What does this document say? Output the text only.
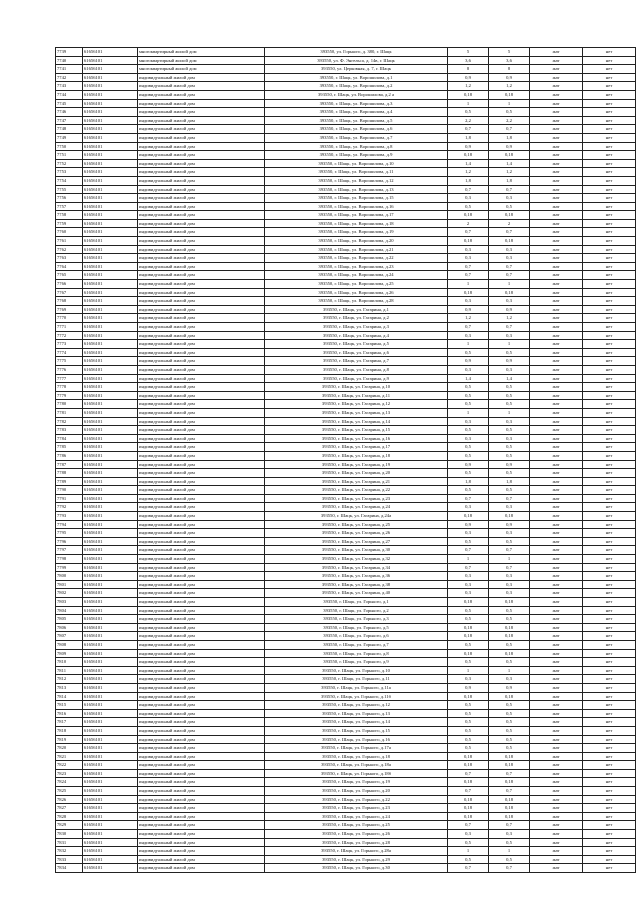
7739	61656101	многоквартирный жилой дом	393550, ул. Горького, д. 380, г. Шацк	5	5	жат	нет
7740	61656101	многоквартирный жилой дом	393550, ул. Ф. Энгельса, д. 14в, г. Шацк	3,6	3,6	жат	нет
7741	61656101	многоквартирный жилой дом	393550, ул. Церковная, д. 7, г. Шацк	8	8	жат	нет
7742	61656101	индивидуальный жилой дом	393550, г. Шацк, ул. Ворошилова, д.1	0,9	0,9	жат	нет
7743	61656101	индивидуальный жилой дом	393550, г. Шацк, ул. Ворошилова, д.2	1,2	1,2	жат	нет
7744	61656101	индивидуальный жилой дом	393550, г. Шацк, ул. Ворошилова, д.2 а	0,18	0,18	жат	нет
7745	61656101	индивидуальный жилой дом	393550, г. Шацк, ул. Ворошилова, д.3	1	1	жат	нет
7746	61656101	индивидуальный жилой дом	393550, г. Шацк, ул. Ворошилова, д.4	0,5	0,5	жат	нет
7747	61656101	индивидуальный жилой дом	393550, г. Шацк, ул. Ворошилова, д.5	2,2	2,2	жат	нет
7748	61656101	индивидуальный жилой дом	393550, г. Шацк, ул. Ворошилова, д.6	0,7	0,7	жат	нет
7749	61656101	индивидуальный жилой дом	393550, г. Шацк, ул. Ворошилова, д.7	1,8	1,8	жат	нет
7750	61656101	индивидуальный жилой дом	393550, г. Шацк, ул. Ворошилова, д.8	0,9	0,9	жат	нет
7751	61656101	индивидуальный жилой дом	393550, г. Шацк, ул. Ворошилова, д.9	0,18	0,18	жат	нет
7752	61656101	индивидуальный жилой дом	393550, г. Шацк, ул. Ворошилова, д.10	1,4	1,4	жат	нет
7753	61656101	индивидуальный жилой дом	393550, г. Шацк, ул. Ворошилова, д.11	1,2	1,2	жат	нет
7754	61656101	индивидуальный жилой дом	393550, г. Шацк, ул. Ворошилова, д.12	1,8	1,8	жат	нет
7755	61656101	индивидуальный жилой дом	393550, г. Шацк, ул. Ворошилова, д.13	0,7	0,7	жат	нет
7756	61656101	индивидуальный жилой дом	393550, г. Шацк, ул. Ворошилова, д.15	0,3	0,3	жат	нет
7757	61656101	индивидуальный жилой дом	393550, г. Шацк, ул. Ворошилова, д.16	0,5	0,5	жат	нет
7758	61656101	индивидуальный жилой дом	393550, г. Шацк, ул. Ворошилова, д.17	0,18	0,18	жат	нет
7759	61656101	индивидуальный жилой дом	393550, г. Шацк, ул. Ворошилова, д.18	2	2	жат	нет
7760	61656101	индивидуальный жилой дом	393550, г. Шацк, ул. Ворошилова, д.19	0,7	0,7	жат	нет
7761	61656101	индивидуальный жилой дом	393550, г. Шацк, ул. Ворошилова, д.20	0,18	0,18	жат	нет
7762	61656101	индивидуальный жилой дом	393550, г. Шацк, ул. Ворошилова, д.21	0,3	0,3	жат	нет
7763	61656101	индивидуальный жилой дом	393550, г. Шацк, ул. Ворошилова, д.22	0,3	0,3	жат	нет
7764	61656101	индивидуальный жилой дом	393550, г. Шацк, ул. Ворошилова, д.23	0,7	0,7	жат	нет
7765	61656101	индивидуальный жилой дом	393550, г. Шацк, ул. Ворошилова, д.24	0,7	0,7	жат	нет
7766	61656101	индивидуальный жилой дом	393550, г. Шацк, ул. Ворошилова, д.25	1	1	жат	нет
7767	61656101	индивидуальный жилой дом	393550, г. Шацк, ул. Ворошилова, д.26	0,18	0,18	жат	нет
7768	61656101	индивидуальный жилой дом	393550, г. Шацк, ул. Ворошилова, д.28	0,3	0,3	жат	нет
7769	61656101	индивидуальный жилой дом	393550, г. Шацк, ул. Гагарина, д.1	0,9	0,9	жат	нет
7770	61656101	индивидуальный жилой дом	393550, г. Шацк, ул. Гагарина, д.2	1,2	1,2	жат	нет
7771	61656101	индивидуальный жилой дом	393550, г. Шацк, ул. Гагарина, д.3	0,7	0,7	жат	нет
7772	61656101	индивидуальный жилой дом	393550, г. Шацк, ул. Гагарина, д.4	0,3	0,3	жат	нет
7773	61656101	индивидуальный жилой дом	393550, г. Шацк, ул. Гагарина, д.5	1	1	жат	нет
7774	61656101	индивидуальный жилой дом	393550, г. Шацк, ул. Гагарина, д.6	0,5	0,5	жат	нет
7775	61656101	индивидуальный жилой дом	393550, г. Шацк, ул. Гагарина, д.7	0,9	0,9	жат	нет
7776	61656101	индивидуальный жилой дом	393550, г. Шацк, ул. Гагарина, д.8	0,3	0,3	жат	нет
7777	61656101	индивидуальный жилой дом	393550, г. Шацк, ул. Гагарина, д.9	1,4	1,4	жат	нет
7778	61656101	индивидуальный жилой дом	393550, г. Шацк, ул. Гагарина, д.10	0,5	0,5	жат	нет
7779	61656101	индивидуальный жилой дом	393550, г. Шацк, ул. Гагарина, д.11	0,5	0,5	жат	нет
7780	61656101	индивидуальный жилой дом	393550, г. Шацк, ул. Гагарина, д.12	0,5	0,5	жат	нет
7781	61656101	индивидуальный жилой дом	393550, г. Шацк, ул. Гагарина, д.13	1	1	жат	нет
7782	61656101	индивидуальный жилой дом	393550, г. Шацк, ул. Гагарина, д.14	0,3	0,3	жат	нет
7783	61656101	индивидуальный жилой дом	393550, г. Шацк, ул. Гагарина, д.15	0,5	0,5	жат	нет
7784	61656101	индивидуальный жилой дом	393550, г. Шацк, ул. Гагарина, д.16	0,3	0,3	жат	нет
7785	61656101	индивидуальный жилой дом	393550, г. Шацк, ул. Гагарина, д.17	0,5	0,5	жат	нет
7786	61656101	индивидуальный жилой дом	393550, г. Шацк, ул. Гагарина, д.18	0,5	0,5	жат	нет
7787	61656101	индивидуальный жилой дом	393550, г. Шацк, ул. Гагарина, д.19	0,9	0,9	жат	нет
7788	61656101	индивидуальный жилой дом	393550, г. Шацк, ул. Гагарина, д.20	0,5	0,5	жат	нет
7789	61656101	индивидуальный жилой дом	393550, г. Шацк, ул. Гагарина, д.21	1,8	1,8	жат	нет
7790	61656101	индивидуальный жилой дом	393550, г. Шацк, ул. Гагарина, д.22	0,5	0,5	жат	нет
7791	61656101	индивидуальный жилой дом	393550, г. Шацк, ул. Гагарина, д.23	0,7	0,7	жат	нет
7792	61656101	индивидуальный жилой дом	393550, г. Шацк, ул. Гагарина, д.24	0,3	0,3	жат	нет
7793	61656101	индивидуальный жилой дом	393550, г. Шацк, ул. Гагарина, д.24а	0,18	0,18	жат	нет
7794	61656101	индивидуальный жилой дом	393550, г. Шацк, ул. Гагарина, д.25	0,9	0,9	жат	нет
7795	61656101	индивидуальный жилой дом	393550, г. Шацк, ул. Гагарина, д.26	0,3	0,3	жат	нет
7796	61656101	индивидуальный жилой дом	393550, г. Шацк, ул. Гагарина, д.27	0,5	0,5	жат	нет
7797	61656101	индивидуальный жилой дом	393550, г. Шацк, ул. Гагарина, д.30	0,7	0,7	жат	нет
7798	61656101	индивидуальный жилой дом	393550, г. Шацк, ул. Гагарина, д.32	1	1	жат	нет
7799	61656101	индивидуальный жилой дом	393550, г. Шацк, ул. Гагарина, д.34	0,7	0,7	жат	нет
7800	61656101	индивидуальный жилой дом	393550, г. Шацк, ул. Гагарина, д.36	0,3	0,3	жат	нет
7801	61656101	индивидуальный жилой дом	393550, г. Шацк, ул. Гагарина, д.38	0,3	0,3	жат	нет
7802	61656101	индивидуальный жилой дом	393550, г. Шацк, ул. Гагарина, д.40	0,3	0,3	жат	нет
7803	61656101	индивидуальный жилой дом	393550, г. Шацк, ул. Горького, д.1	0,18	0,18	жат	нет
7804	61656101	индивидуальный жилой дом	393550, г. Шацк, ул. Горького, д.2	0,5	0,5	жат	нет
7805	61656101	индивидуальный жилой дом	393550, г. Шацк, ул. Горького, д.3	0,5	0,5	жат	нет
7806	61656101	индивидуальный жилой дом	393550, г. Шацк, ул. Горького, д.5	0,18	0,18	жат	нет
7807	61656101	индивидуальный жилой дом	393550, г. Шацк, ул. Горького, д.6	0,18	0,18	жат	нет
7808	61656101	индивидуальный жилой дом	393550, г. Шацк, ул. Горького, д.7	0,5	0,5	жат	нет
7809	61656101	индивидуальный жилой дом	393550, г. Шацк, ул. Горького, д.8	0,18	0,18	жат	нет
7810	61656101	индивидуальный жилой дом	393550, г. Шацк, ул. Горького, д.9	0,5	0,5	жат	нет
7811	61656101	индивидуальный жилой дом	393550, г. Шацк, ул. Горького, д.10	1	1	жат	нет
7812	61656101	индивидуальный жилой дом	393550, г. Шацк, ул. Горького, д.11	0,3	0,3	жат	нет
7813	61656101	индивидуальный жилой дом	393550, г. Шацк, ул. Горького, д.11а	0,9	0,9	жат	нет
7814	61656101	индивидуальный жилой дом	393550, г. Шацк, ул. Горького, д.11б	0,18	0,18	жат	нет
7815	61656101	индивидуальный жилой дом	393550, г. Шацк, ул. Горького, д.12	0,5	0,5	жат	нет
7816	61656101	индивидуальный жилой дом	393550, г. Шацк, ул. Горького, д.13	0,5	0,5	жат	нет
7817	61656101	индивидуальный жилой дом	393550, г. Шацк, ул. Горького, д.14	0,5	0,5	жат	нет
7818	61656101	индивидуальный жилой дом	393550, г. Шацк, ул. Горького, д.15	0,5	0,5	жат	нет
7819	61656101	индивидуальный жилой дом	393550, г. Шацк, ул. Горького, д.16	0,5	0,5	жат	нет
7820	61656101	индивидуальный жилой дом	393550, г. Шацк, ул. Горького, д.17а	0,5	0,5	жат	нет
7821	61656101	индивидуальный жилой дом	393550, г. Шацк, ул. Горького, д.18	0,18	0,18	жат	нет
7822	61656101	индивидуальный жилой дом	393550, г. Шацк, ул. Горького, д.18а	0,18	0,18	жат	нет
7823	61656101	индивидуальный жилой дом	393550, г. Шацк, ул. Горького, д.18б	0,7	0,7	жат	нет
7824	61656101	индивидуальный жилой дом	393550, г. Шацк, ул. Горького, д.19	0,18	0,18	жат	нет
7825	61656101	индивидуальный жилой дом	393550, г. Шацк, ул. Горького, д.20	0,7	0,7	жат	нет
7826	61656101	индивидуальный жилой дом	393550, г. Шацк, ул. Горького, д.22	0,18	0,18	жат	нет
7827	61656101	индивидуальный жилой дом	393550, г. Шацк, ул. Горького, д.23	0,18	0,18	жат	нет
7828	61656101	индивидуальный жилой дом	393550, г. Шацк, ул. Горького, д.24	0,18	0,18	жат	нет
7829	61656101	индивидуальный жилой дом	393550, г. Шацк, ул. Горького, д.25	0,7	0,7	жат	нет
7830	61656101	индивидуальный жилой дом	393550, г. Шацк, ул. Горького, д.26	0,3	0,3	жат	нет
7831	61656101	индивидуальный жилой дом	393550, г. Шацк, ул. Горького, д.28	0,5	0,5	жат	нет
7832	61656101	индивидуальный жилой дом	393550, г. Шацк, ул. Горького, д.28а	1	1	жат	нет
7833	61656101	индивидуальный жилой дом	393550, г. Шацк, ул. Горького, д.29	0,5	0,5	жат	нет
7834	61656101	индивидуальный жилой дом	393550, г. Шацк, ул. Горького, д.30	0,7	0,7	жат	нет
